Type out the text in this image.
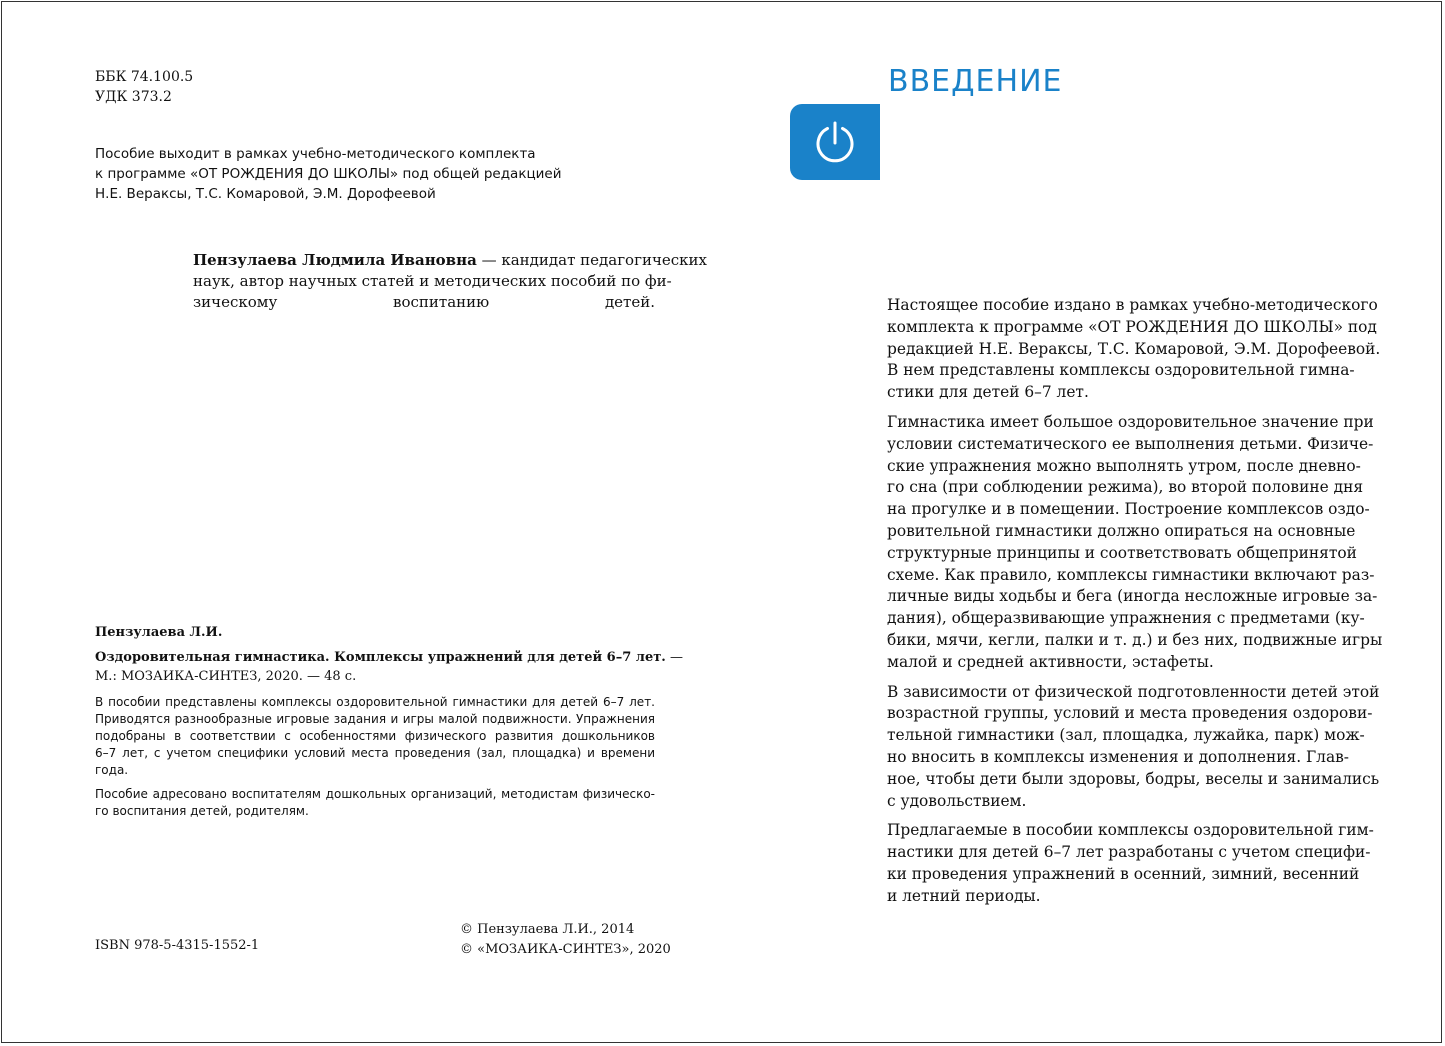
ББК 74.100.5
УДК 373.2
Пособие выходит в рамках учебно-методического комплекта
к программе «ОТ РОЖДЕНИЯ ДО ШКОЛЫ» под общей редакцией
Н.Е. Веракcы, Т.С. Комаровой, Э.М. Дорофеевой
Пензулаева Людмила Ивановна — кандидат педагогических
наук, автор научных статей и методических пособий по фи-
зическому воспитанию детей.
Пензулаева Л.И.
Оздоровительная гимнастика. Комплексы упражнений для детей 6–7 лет. —
М.: МОЗАИКА-СИНТЕЗ, 2020. — 48 с.

В пособии представлены комплексы оздоровительной гимнастики для детей 6–7 лет.
Приводятся разнообразные игровые задания и игры малой подвижности. Упражнения
подобраны в соответствии с особенностями физического развития дошкольников
6–7 лет, с учетом специфики условий места проведения (зал, площадка) и времени
года.

Пособие адресовано воспитателям дошкольных организаций, методистам физическо-
го воспитания детей, родителям.

ISBN 978-5-4315-1552-1
© Пензулаева Л.И., 2014
© «МОЗАИКА-СИНТЕЗ», 2020
ВВЕДЕНИЕ

Настоящее пособие издано в рамках учебно-методического
комплекта к программе «ОТ РОЖДЕНИЯ ДО ШКОЛЫ» под
редакцией Н.Е. Веракcы, Т.С. Комаровой, Э.М. Дорофеевой.
В нем представлены комплексы оздоровительной гимна-
стики для детей 6–7 лет.

Гимнастика имеет большое оздоровительное значение при
условии систематического ее выполнения детьми. Физиче-
ские упражнения можно выполнять утром, после дневно-
го сна (при соблюдении режима), во второй половине дня
на прогулке и в помещении. Построение комплексов оздо-
ровительной гимнастики должно опираться на основные
структурные принципы и соответствовать общепринятой
схеме. Как правило, комплексы гимнастики включают раз-
личные виды ходьбы и бега (иногда несложные игровые за-
дания), общеразвивающие упражнения с предметами (ку-
бики, мячи, кегли, палки и т. д.) и без них, подвижные игры
малой и средней активности, эстафеты.

В зависимости от физической подготовленности детей этой
возрастной группы, условий и места проведения оздорови-
тельной гимнастики (зал, площадка, лужайка, парк) мож-
но вносить в комплексы изменения и дополнения. Глав-
ное, чтобы дети были здоровы, бодры, веселы и занимались
с удовольствием.

Предлагаемые в пособии комплексы оздоровительной гим-
настики для детей 6–7 лет разработаны с учетом специфи-
ки проведения упражнений в осенний, зимний, весенний
и летний периоды.
